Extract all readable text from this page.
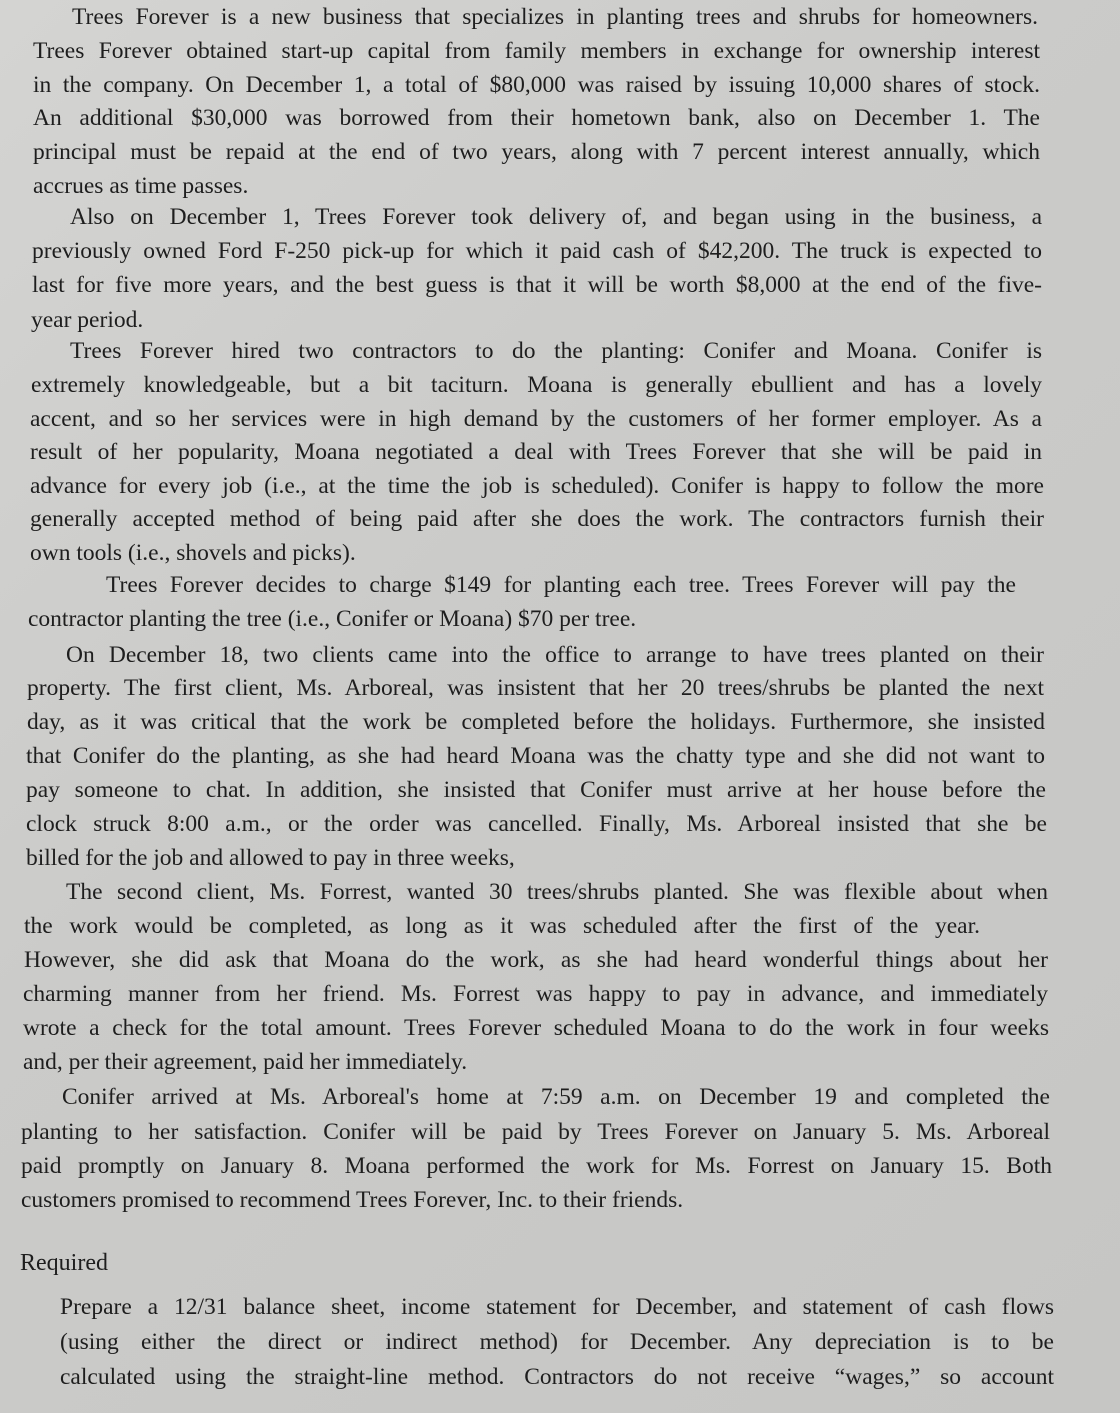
Trees Forever is a new business that specializes in planting trees and shrubs for homeowners.
Trees Forever obtained start-up capital from family members in exchange for ownership interest
in the company. On December 1, a total of $80,000 was raised by issuing 10,000 shares of stock.
An additional $30,000 was borrowed from their hometown bank, also on December 1. The
principal must be repaid at the end of two years, along with 7 percent interest annually, which
accrues as time passes.
Also on December 1, Trees Forever took delivery of, and began using in the business, a
previously owned Ford F-250 pick-up for which it paid cash of $42,200. The truck is expected to
last for five more years, and the best guess is that it will be worth $8,000 at the end of the five-
year period.
Trees Forever hired two contractors to do the planting: Conifer and Moana. Conifer is
extremely knowledgeable, but a bit taciturn. Moana is generally ebullient and has a lovely
accent, and so her services were in high demand by the customers of her former employer. As a
result of her popularity, Moana negotiated a deal with Trees Forever that she will be paid in
advance for every job (i.e., at the time the job is scheduled). Conifer is happy to follow the more
generally accepted method of being paid after she does the work. The contractors furnish their
own tools (i.e., shovels and picks).
Trees Forever decides to charge $149 for planting each tree. Trees Forever will pay the
contractor planting the tree (i.e., Conifer or Moana) $70 per tree.
On December 18, two clients came into the office to arrange to have trees planted on their
property. The first client, Ms. Arboreal, was insistent that her 20 trees/shrubs be planted the next
day, as it was critical that the work be completed before the holidays. Furthermore, she insisted
that Conifer do the planting, as she had heard Moana was the chatty type and she did not want to
pay someone to chat. In addition, she insisted that Conifer must arrive at her house before the
clock struck 8:00 a.m., or the order was cancelled. Finally, Ms. Arboreal insisted that she be
billed for the job and allowed to pay in three weeks,
The second client, Ms. Forrest, wanted 30 trees/shrubs planted. She was flexible about when
the work would be completed, as long as it was scheduled after the first of the year.
However, she did ask that Moana do the work, as she had heard wonderful things about her
charming manner from her friend. Ms. Forrest was happy to pay in advance, and immediately
wrote a check for the total amount. Trees Forever scheduled Moana to do the work in four weeks
and, per their agreement, paid her immediately.
Conifer arrived at Ms. Arboreal's home at 7:59 a.m. on December 19 and completed the
planting to her satisfaction. Conifer will be paid by Trees Forever on January 5. Ms. Arboreal
paid promptly on January 8. Moana performed the work for Ms. Forrest on January 15. Both
customers promised to recommend Trees Forever, Inc. to their friends.
Required
Prepare a 12/31 balance sheet, income statement for December, and statement of cash flows
(using either the direct or indirect method) for December. Any depreciation is to be
calculated using the straight-line method. Contractors do not receive “wages,” so account
